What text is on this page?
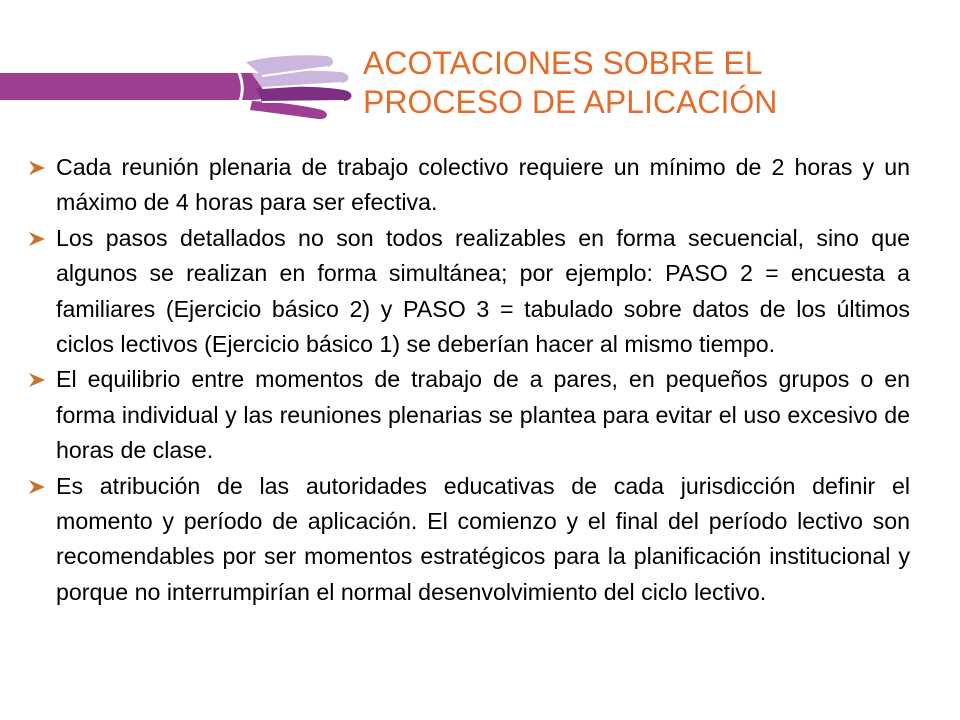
ACOTACIONES SOBRE EL
PROCESO DE APLICACIÓN
Cada reunión plenaria de trabajo colectivo requiere un mínimo de 2 horas y un máximo de 4 horas para ser efectiva.
Los pasos detallados no son todos realizables en forma secuencial, sino que algunos se realizan en forma simultánea; por ejemplo: PASO 2 = encuesta a familiares (Ejercicio básico 2) y PASO 3 = tabulado sobre datos de los últimos ciclos lectivos (Ejercicio básico 1) se deberían hacer al mismo tiempo.
El equilibrio entre momentos de trabajo de a pares, en pequeños grupos o en forma individual y las reuniones plenarias se plantea para evitar el uso excesivo de horas de clase.
Es atribución de las autoridades educativas de cada jurisdicción definir el momento y período de aplicación. El comienzo y el final del período lectivo son recomendables por ser momentos estratégicos para la planificación institucional y porque no interrumpirían el normal desenvolvimiento del ciclo lectivo.
